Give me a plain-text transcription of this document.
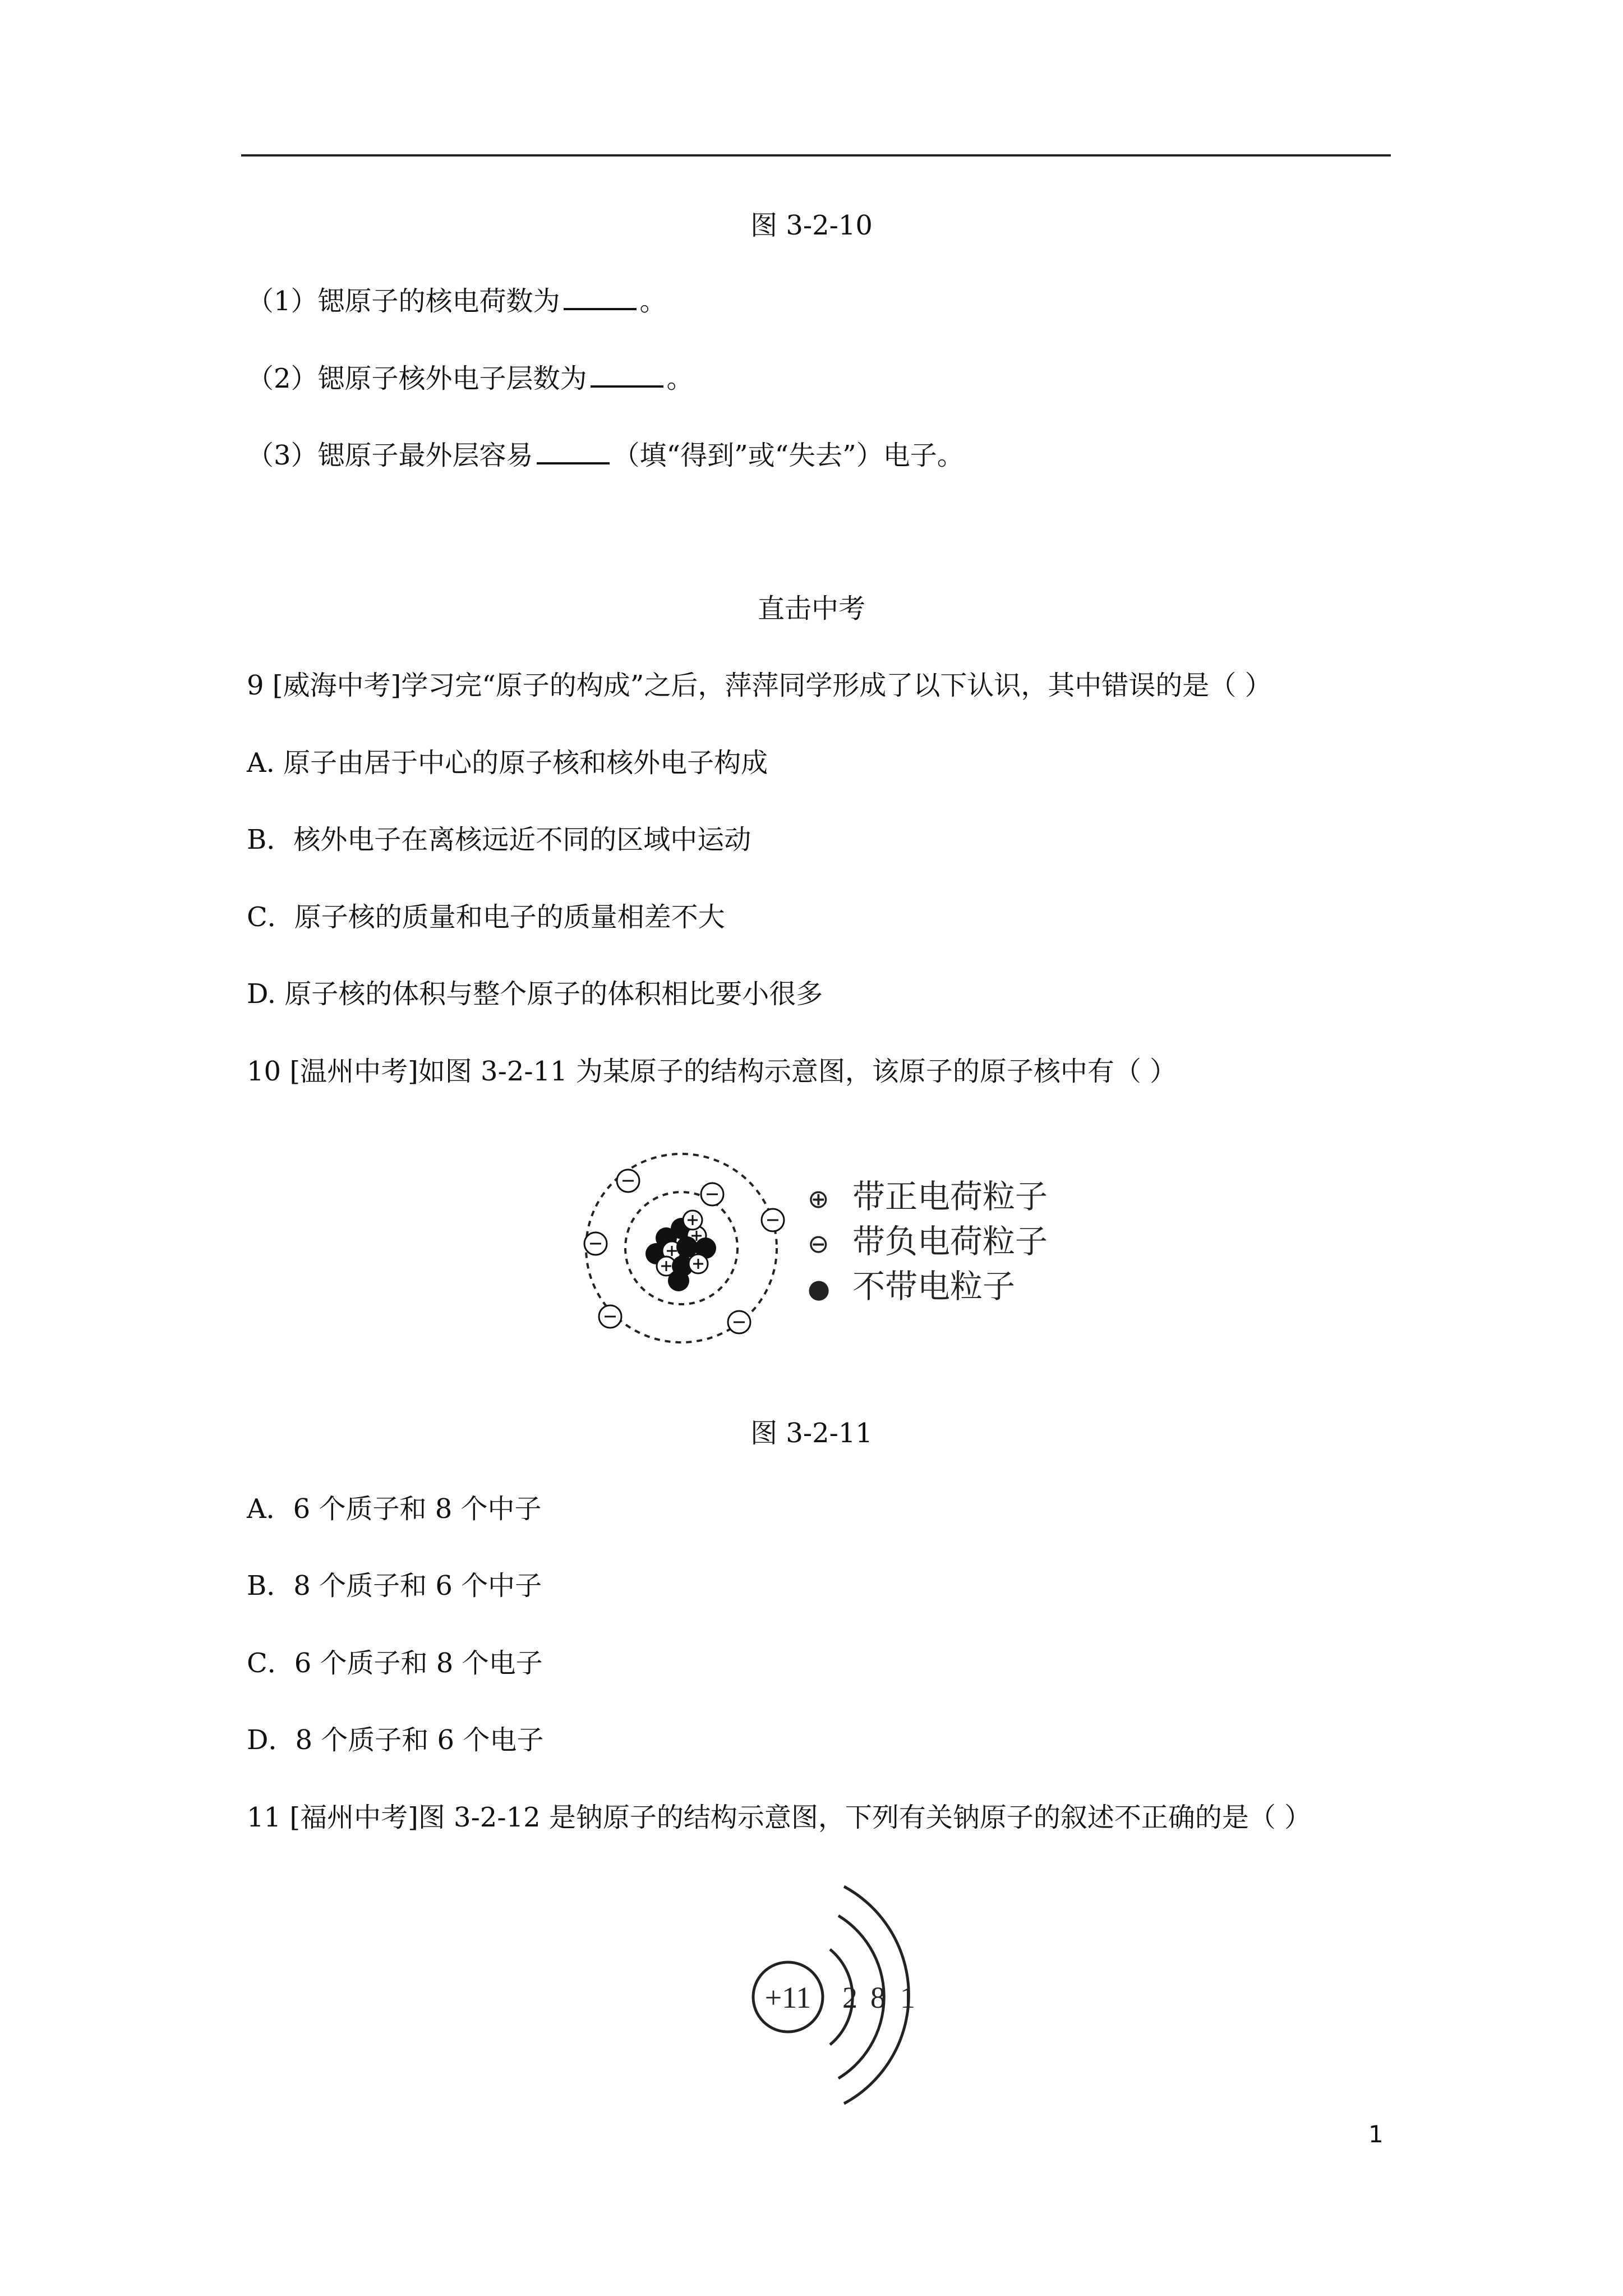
图 3-2-10
（1）锶原子的核电荷数为	。
（2）锶原子核外电子层数为	。
（3）锶原子最外层容易	（填“得到”或“失去”）电子。
直击中考
9 [威海中考]学习完“原子的构成”之后，萍萍同学形成了以下认识，其中错误的是（ ）
A. 原子由居于中心的原子核和核外电子构成
B．核外电子在离核远近不同的区域中运动
C．原子核的质量和电子的质量相差不大
D. 原子核的体积与整个原子的体积相比要小很多
10 [温州中考]如图 3-2-11 为某原子的结构示意图，该原子的原子核中有（ ）
⊕ 带正电荷粒子
⊖ 带负电荷粒子
● 不带电粒子
图 3-2-11
A．6 个质子和 8 个中子
B．8 个质子和 6 个中子
C．6 个质子和 8 个电子
D．8 个质子和 6 个电子
11 [福州中考]图 3-2-12 是钠原子的结构示意图，下列有关钠原子的叙述不正确的是（ ）
+11 2 8 1
1
